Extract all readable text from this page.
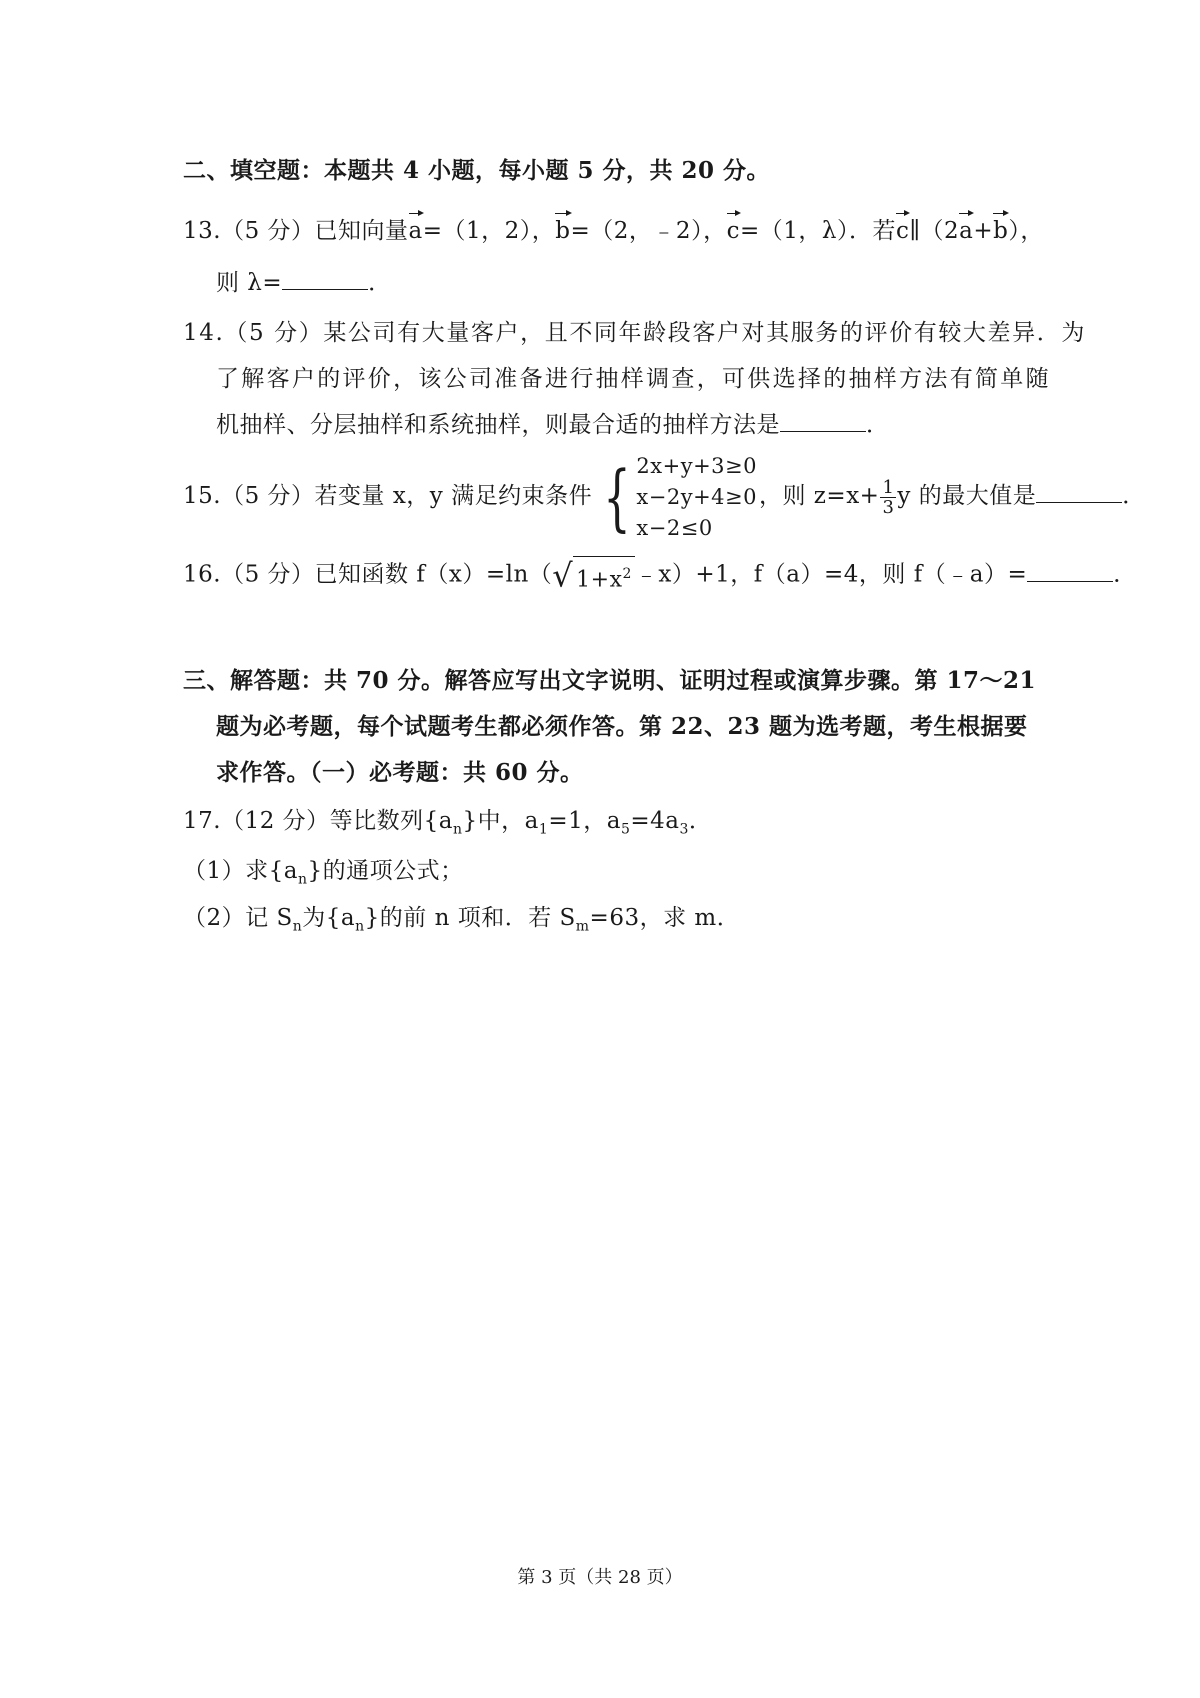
二、填空题：本题共 4 小题，每小题 5 分，共 20 分。
13.（5 分）已知向量a=（1，2），b=（2，﹣2），c=（1，λ）．若c∥（2a+b），
则 λ=	．
14.（5 分）某公司有大量客户，且不同年龄段客户对其服务的评价有较大差异．为
了解客户的评价，该公司准备进行抽样调查，可供选择的抽样方法有简单随
机抽样、分层抽样和系统抽样，则最合适的抽样方法是	．
15.（5 分）若变量 x，y 满足约束条件 { 2x+y+3≥0
x−2y+4≥0
x−2≤0
，则 $z=x+ \frac{1}{3}$ y 的最大值是	．
16.（5 分）已知函数 f（x）=ln（√ $1+x^2$ ﹣x）+1，f（a）=4，则 f（﹣a）=	．
三、解答题：共 70 分。解答应写出文字说明、证明过程或演算步骤。第 17～21
题为必考题，每个试题考生都必须作答。第 22、23 题为选考题，考生根据要
求作答。（一）必考题：共 60 分。
17.（12 分）等比数列$\{a_n\}$中，$a_1=1$，$a_5=4a_3$．
（1）求$\{a_n\}$的通项公式；
（2）记 $S_n$为$\{a_n\}$的前 n 项和．若 $S_m=63$，求 m．
第 3 页（共 28 页）
